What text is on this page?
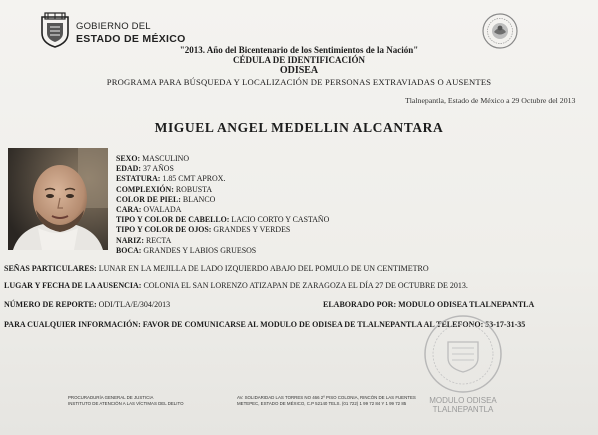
GOBIERNO DEL
ESTADO DE MÉXICO
"2013. Año del Bicentenario de los Sentimientos de la Nación"
CÉDULA DE IDENTIFICACIÓN
ODISEA
PROGRAMA PARA BÚSQUEDA Y LOCALIZACIÓN DE PERSONAS EXTRAVIADAS O AUSENTES
Tlalnepantla, Estado de México a 29 Octubre del 2013
MIGUEL ANGEL MEDELLIN ALCANTARA
SEXO: MASCULINO
EDAD: 37 AÑOS
ESTATURA: 1.85 CMT APROX.
COMPLEXIÓN: ROBUSTA
COLOR DE PIEL: BLANCO
CARA: OVALADA
TIPO Y COLOR DE CABELLO: LACIO CORTO Y CASTAÑO
TIPO Y COLOR DE OJOS: GRANDES Y VERDES
NARIZ: RECTA
BOCA: GRANDES Y LABIOS GRUESOS
SEÑAS PARTICULARES: LUNAR EN LA MEJILLA DE LADO IZQUIERDO ABAJO DEL POMULO DE UN CENTIMETRO
LUGAR Y FECHA DE LA AUSENCIA: COLONIA EL SAN LORENZO ATIZAPAN DE ZARAGOZA EL DÍA 27 DE OCTUBRE DE 2013.
NÚMERO DE REPORTE: ODI/TLA/E/304/2013	ELABORADO POR: MODULO ODISEA TLALNEPANTLA
PARA CUALQUIER INFORMACIÓN: FAVOR DE COMUNICARSE AL MODULO DE ODISEA DE TLALNEPANTLA AL TELEFONO: 53-17-31-35
MODULO ODISEA
TLALNEPANTLA
PROCURADURÍA GENERAL DE JUSTICIA
INSTITUTO DE ATENCIÓN A LAS VÍCTIMAS DEL DELITO
AV. SOLIDARIDAD LAS TORRES NO 466 2º PISO COLONIA, RINCÓN DE LAS FUENTES
METEPEC, ESTADO DE MÉXICO, C.P 52140 TELS. (01 722) 1 99 72 84 Y 1 99 72 85
